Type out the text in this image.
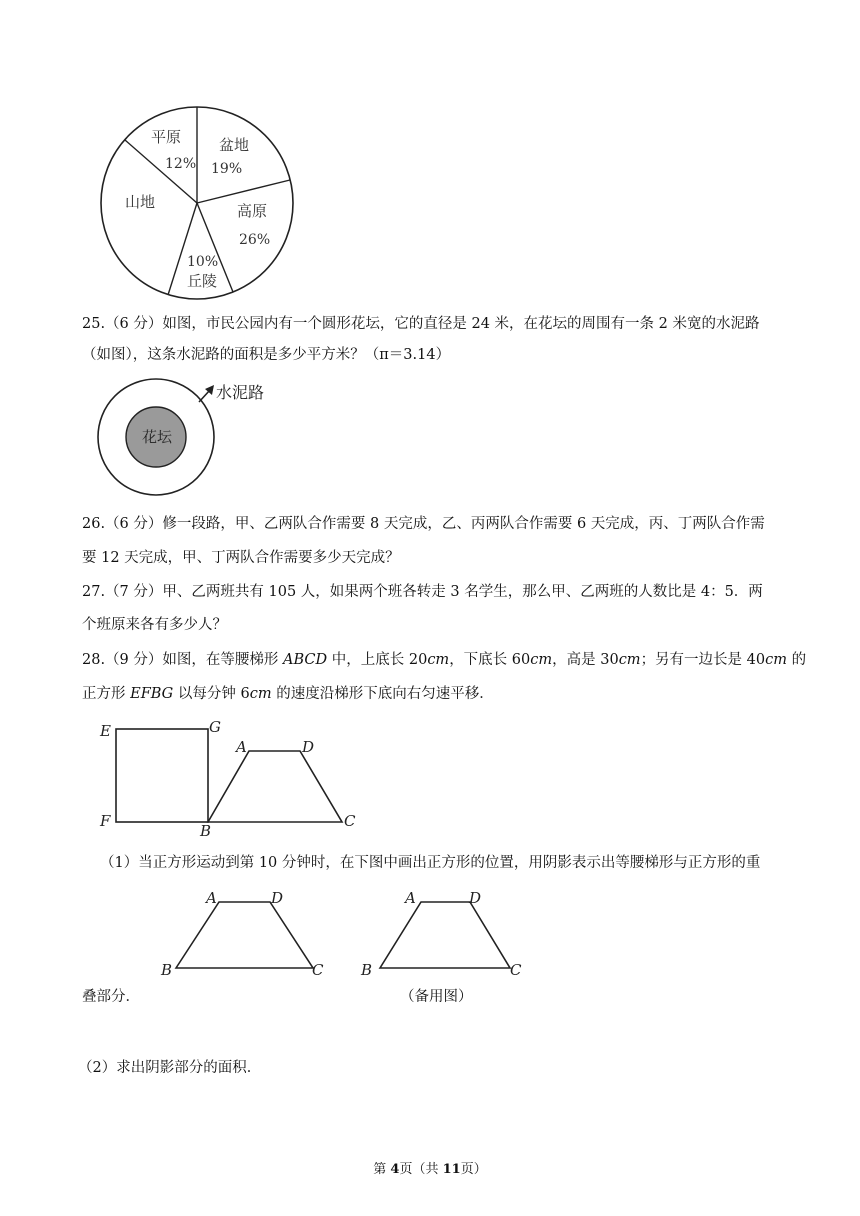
平原
12%
盆地
19%
高原
26%
10%
丘陵
山地
25.（6 分）如图，市民公园内有一个圆形花坛，它的直径是 24 米，在花坛的周围有一条 2 米宽的水泥路
（如图），这条水泥路的面积是多少平方米？（π＝3.14）
水泥路
花坛
26.（6 分）修一段路，甲、乙两队合作需要 8 天完成，乙、丙两队合作需要 6 天完成，丙、丁两队合作需
要 12 天完成，甲、丁两队合作需要多少天完成？
27.（7 分）甲、乙两班共有 105 人，如果两个班各转走 3 名学生，那么甲、乙两班的人数比是 4：5．两
个班原来各有多少人？
28.（9 分）如图，在等腰梯形 ABCD 中，上底长 20cm，下底长 60cm，高是 30cm；另有一边长是 40cm 的
正方形 EFBG 以每分钟 6cm 的速度沿梯形下底向右匀速平移．
E	G
F
B
A	D
C
（1）当正方形运动到第 10 分钟时，在下图中画出正方形的位置，用阴影表示出等腰梯形与正方形的重
A	D
B	C
A	D
B	C
（备用图）
叠部分．
（2）求出阴影部分的面积．
第 4页（共 11页）
